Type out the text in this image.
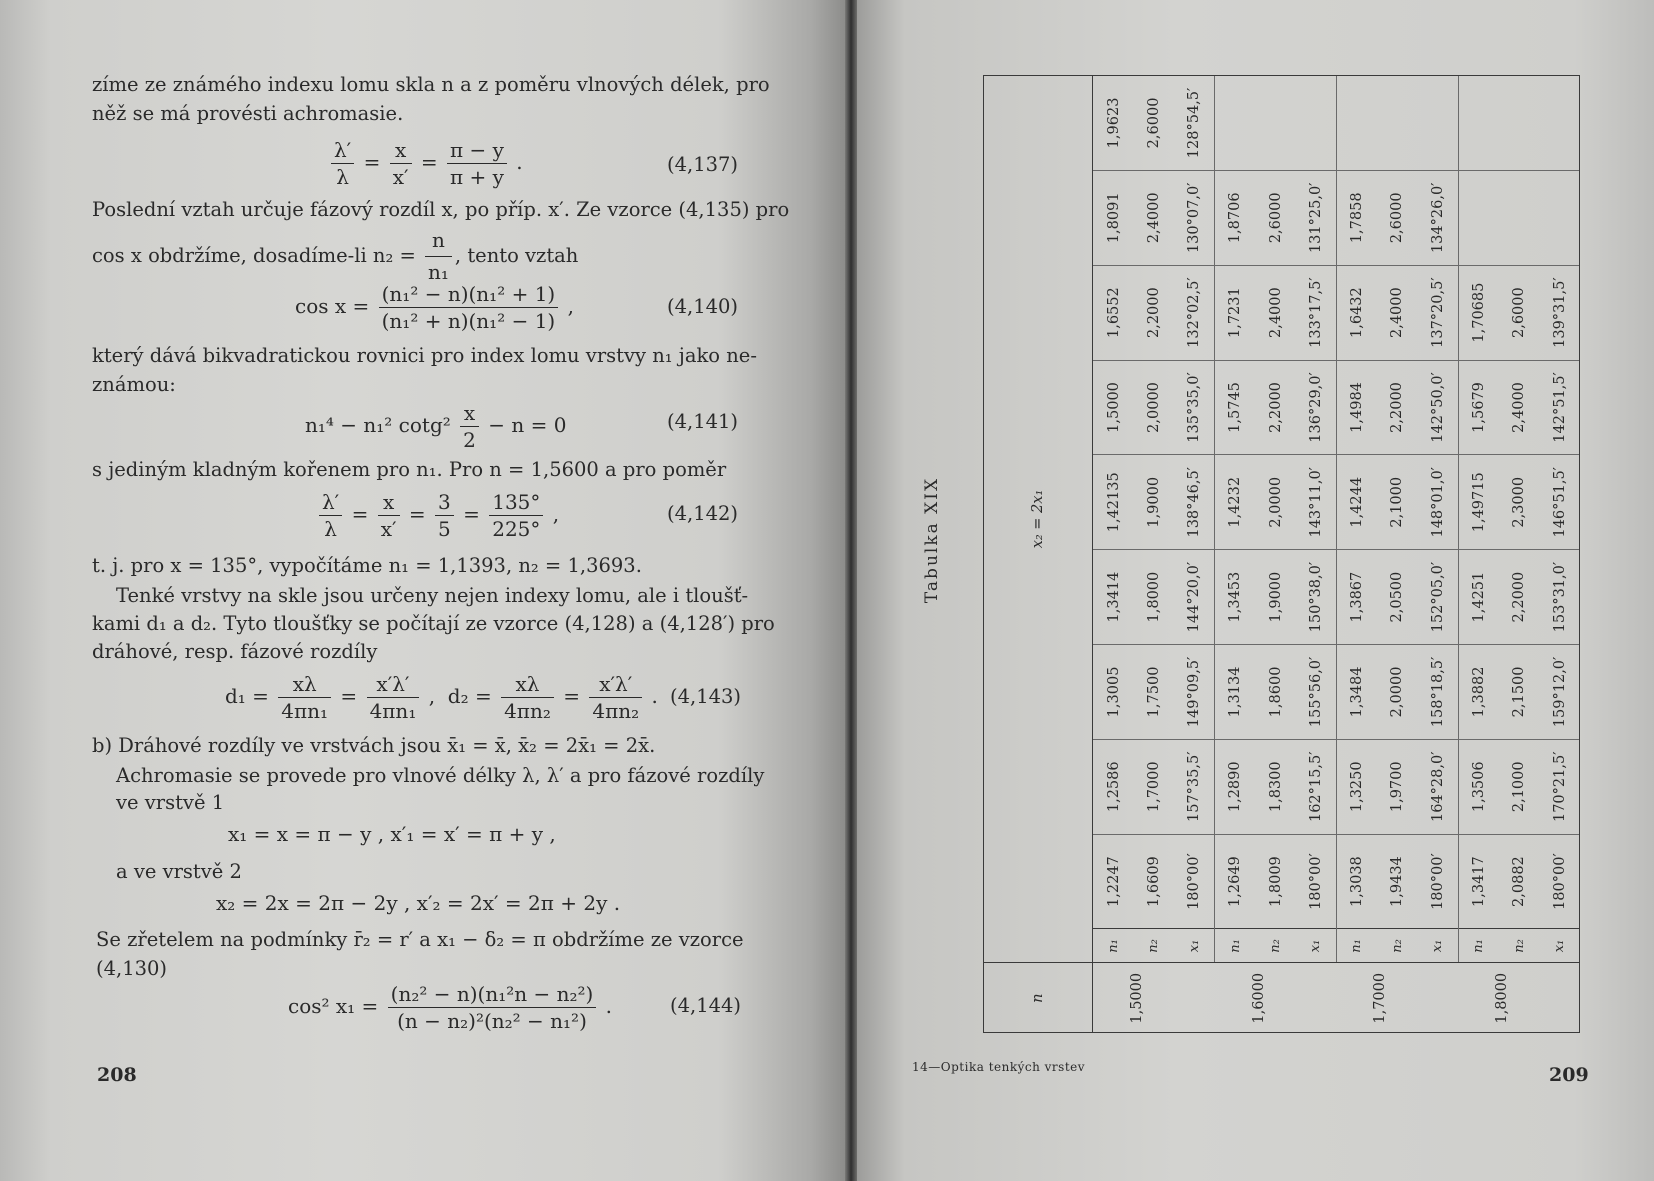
zíme ze známého indexu lomu skla n a z poměru vlnových délek, pro
něž se má provésti achromasie.
$\frac{\lambda'}{\lambda} = \frac{x}{x'} = \frac{\pi - y}{\pi + y}$ .	(4,137)
Poslední vztah určuje fázový rozdíl x, po příp. x′. Ze vzorce (4,135) pro
cos x obdržíme, dosadíme-li $n_2 = \frac{n}{\text{n₁}}$ , tento vztah
$\cos x = \frac{\text{(n₁² − n)(n₁² + 1)}}{\text{(n₁² + n)(n₁² − 1)}}$ ,	(4,140)
který dává bikvadratickou rovnici pro index lomu vrstvy n₁ jako ne-
známou:
n₁⁴ − n₁² $\cot g^2 \frac{x}{2} - n = 0$	(4,141)
s jediným kladným kořenem pro n₁. Pro n = 1,5600 a pro poměr
$\frac{\lambda'}{\lambda} = \frac{x}{x'} = \frac{3}{5} = \frac{135^\circ}{225^\circ}$ ,	(4,142)
t. j. pro x = 135°, vypočítáme n₁ = 1,1393, n₂ = 1,3693.
Tenké vrstvy na skle jsou určeny nejen indexy lomu, ale i tloušť-
kami d₁ a d₂. Tyto tloušťky se počítají ze vzorce (4,128) a (4,128′) pro
dráhové, resp. fázové rozdíly
$d_1 = \frac{x\lambda}{\text{4πn₁}} = \frac{x'\lambda'}{\text{4πn₁}}$ ,  $d_2 = \frac{x\lambda}{\text{4πn₂}} = \frac{x'\lambda'}{\text{4πn₂}}$ . (4,143)
b) Dráhové rozdíly ve vrstvách jsou x̄₁ = x̄, x̄₂ = 2x̄₁ = 2x̄.
Achromasie se provede pro vlnové délky λ, λ′ a pro fázové rozdíly
ve vrstvě 1
x₁ = x = π − y , x′₁ = x′ = π + y ,
a ve vrstvě 2
x₂ = 2x = 2π − 2y , x′₂ = 2x′ = 2π + 2y .
Se zřetelem na podmínky r̄₂ = r′ a x₁ − δ₂ = π obdržíme ze vzorce
(4,130)
cos² $x_1 = \frac{\text{(n₂² − n)(n₁²n − n₂²)}}{\text{(n − n₂)²(n₂² − n₁²)}}$ .	(4,144)
208
Tabulka XIX
n	x₂ = 2x₁									
1,5000	n₁	1,2247	1,2586	1,3005	1,3414	1,42135	1,5000	1,6552	1,8091	1,9623
	n₂	1,6609	1,7000	1,7500	1,8000	1,9000	2,0000	2,2000	2,4000	2,6000
	x₁	180°00′	157°35,5′	149°09,5′	144°20,0′	138°46,5′	135°35,0′	132°02,5′	130°07,0′	128°54,5′
1,6000	n₁	1,2649	1,2890	1,3134	1,3453	1,4232	1,5745	1,7231	1,8706	
	n₂	1,8009	1,8300	1,8600	1,9000	2,0000	2,2000	2,4000	2,6000	
	x₁	180°00′	162°15,5′	155°56,0′	150°38,0′	143°11,0′	136°29,0′	133°17,5′	131°25,0′	
1,7000	n₁	1,3038	1,3250	1,3484	1,3867	1,4244	1,4984	1,6432	1,7858	
	n₂	1,9434	1,9700	2,0000	2,0500	2,1000	2,2000	2,4000	2,6000	
	x₁	180°00′	164°28,0′	158°18,5′	152°05,0′	148°01,0′	142°50,0′	137°20,5′	134°26,0′	
1,8000	n₁	1,3417	1,3506	1,3882	1,4251	1,49715	1,5679	1,70685		
	n₂	2,0882	2,1000	2,1500	2,2000	2,3000	2,4000	2,6000		
	x₁	180°00′	170°21,5′	159°12,0′	153°31,0′	146°51,5′	142°51,5′	139°31,5′		
14—Optika tenkých vrstev	209
